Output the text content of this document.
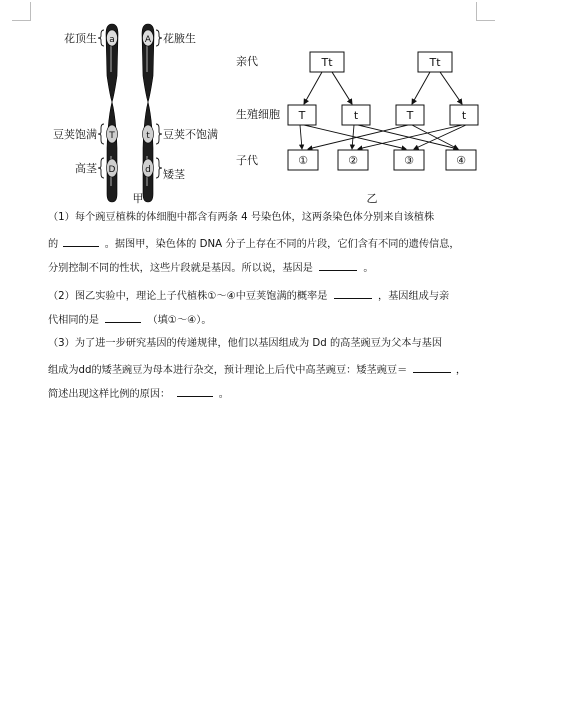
a
T
D
A
t
d
花顶生	花腋生
豆荚饱满	豆荚不饱满
高茎	矮茎
甲
亲代
生殖细胞
子代
Tt	Tt
T	t	T	t
①	②	③	④
乙
（1）每个豌豆植株的体细胞中都含有两条 4 号染色体，这两条染色体分别来自该植株
的	。据图甲，染色体的 DNA 分子上存在不同的片段，它们含有不同的遗传信息，
分别控制不同的性状，这些片段就是基因。所以说，基因是	。
（2）图乙实验中，理论上子代植株①～④中豆荚饱满的概率是	，基因组成与亲
代相同的是	（填①～④）。
（3）为了进一步研究基因的传递规律，他们以基因组成为 Dd 的高茎豌豆为父本与基因
组成为dd的矮茎豌豆为母本进行杂交，预计理论上后代中高茎豌豆：矮茎豌豆＝	，
简述出现这样比例的原因：	。
